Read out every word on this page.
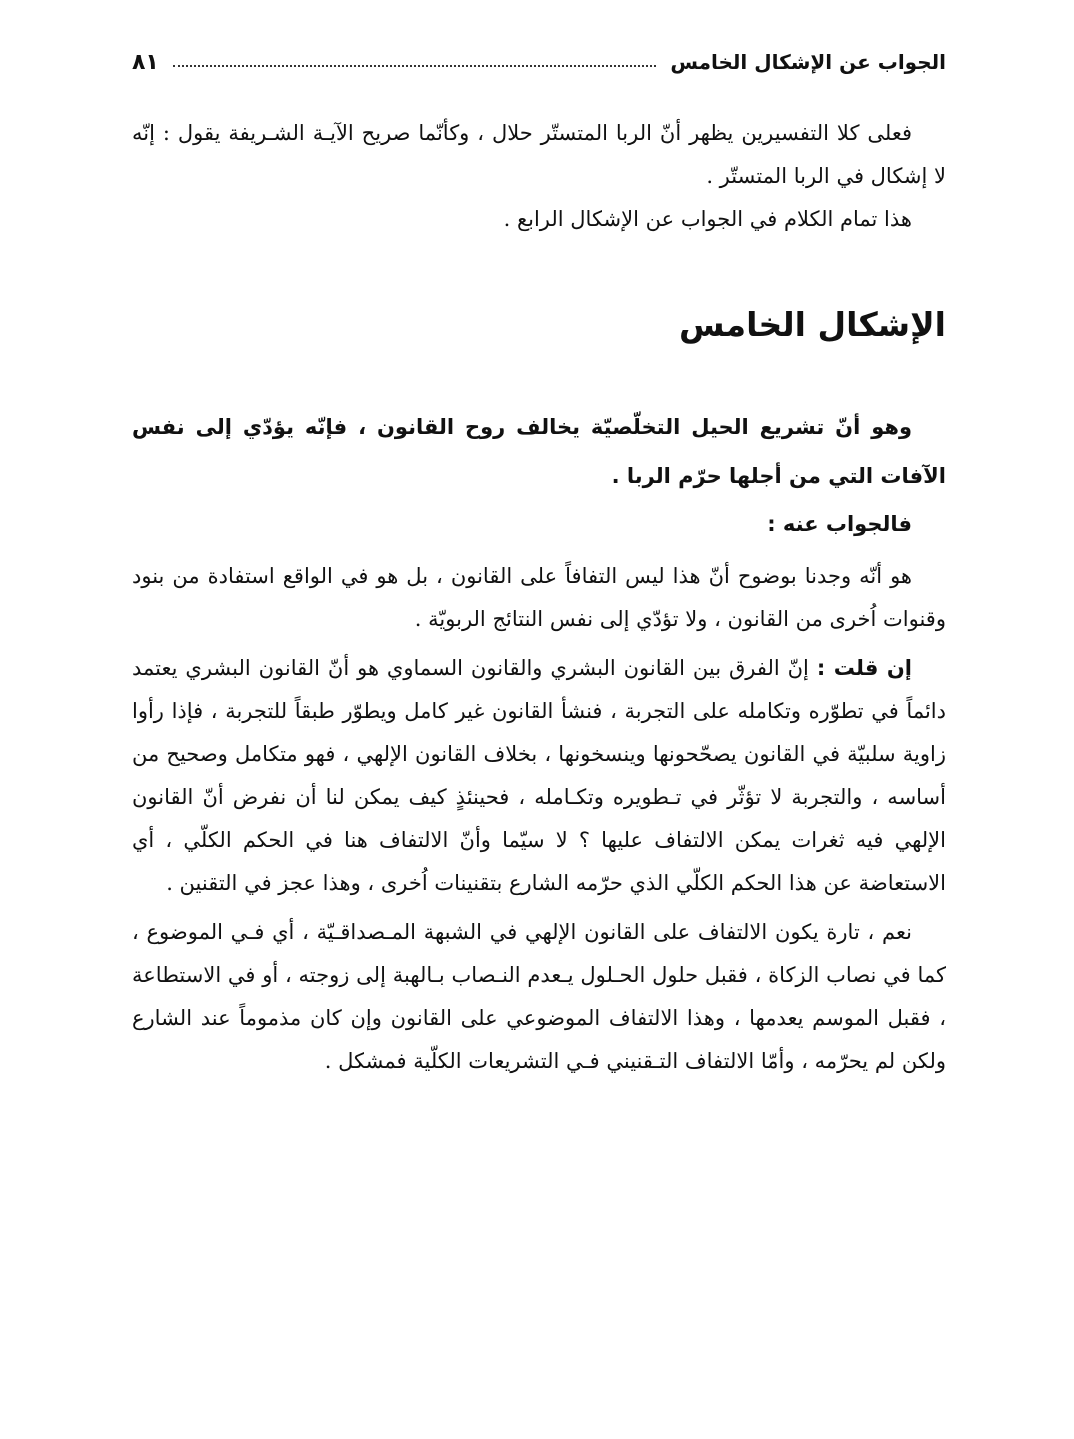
الجواب عن الإشكال الخامس
٨١

فعلى كلا التفسيرين يظهر أنّ الربا المتستّر حلال ، وكأنّما صريح الآيـة الشـريفة يقول : إنّه لا إشكال في الربا المتستّر .

هذا تمام الكلام في الجواب عن الإشكال الرابع .

الإشكال الخامس

وهو أنّ تشريع الحيل التخلّصيّة يخالف روح القانون ، فإنّه يؤدّي إلى نفس الآفات التي من أجلها حرّم الربا .

فالجواب عنه :

هو أنّه وجدنا بوضوح أنّ هذا ليس التفافاً على القانون ، بل هو في الواقع استفادة من بنود وقنوات اُخرى من القانون ، ولا تؤدّي إلى نفس النتائج الربويّة .

إن قلت : إنّ الفرق بين القانون البشري والقانون السماوي هو أنّ القانون البشري يعتمد دائماً في تطوّره وتكامله على التجربة ، فنشأ القانون غير كامل ويطوّر طبقاً للتجربة ، فإذا رأوا زاوية سلبيّة في القانون يصحّحونها وينسخونها ، بخلاف القانون الإلهي ، فهو متكامل وصحيح من أساسه ، والتجربة لا تؤثّر في تـطويره وتكـامله ، فحينئذٍ كيف يمكن لنا أن نفرض أنّ القانون الإلهي فيه ثغرات يمكن الالتفاف عليها ؟ لا سيّما وأنّ الالتفاف هنا في الحكم الكلّي ، أي الاستعاضة عن هذا الحكم الكلّي الذي حرّمه الشارع بتقنينات اُخرى ، وهذا عجز في التقنين .

نعم ، تارة يكون الالتفاف على القانون الإلهي في الشبهة المـصداقـيّة ، أي فـي الموضوع ، كما في نصاب الزكاة ، فقبل حلول الحـلول يـعدم النـصاب بـالهبة إلى زوجته ، أو في الاستطاعة ، فقبل الموسم يعدمها ، وهذا الالتفاف الموضوعي على القانون وإن كان مذموماً عند الشارع ولكن لم يحرّمه ، وأمّا الالتفاف التـقنيني فـي التشريعات الكلّية فمشكل .
